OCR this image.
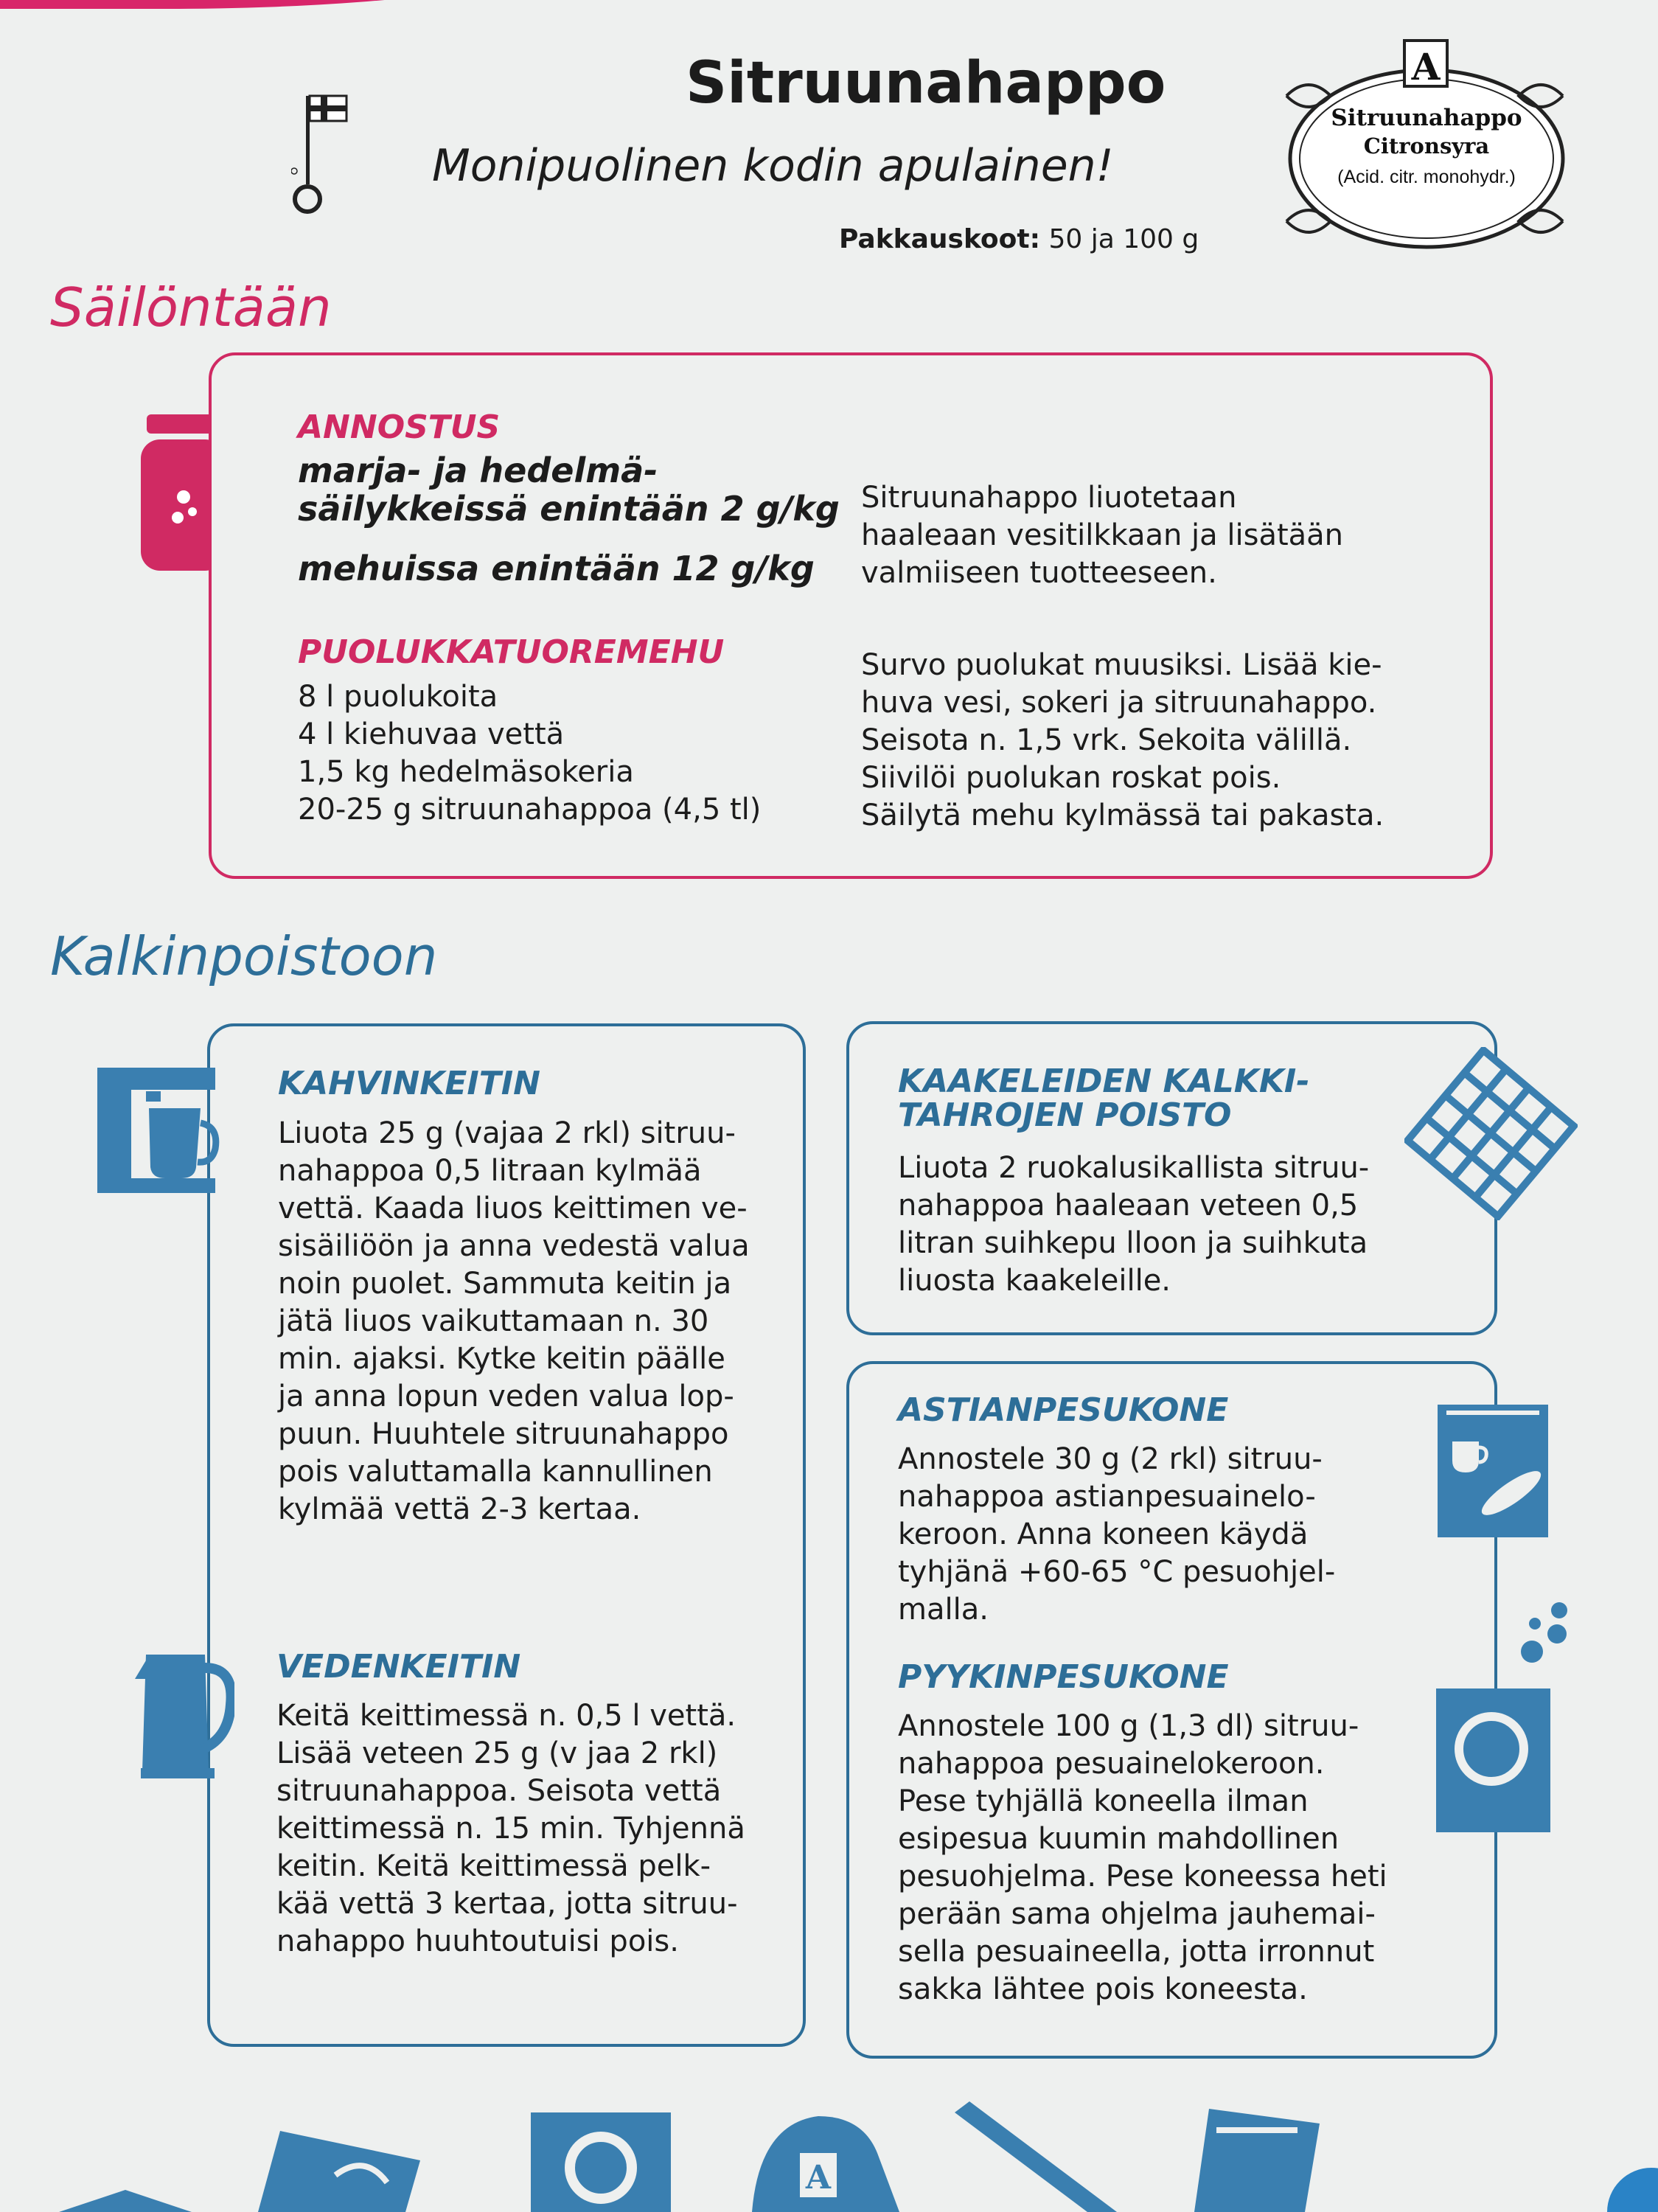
Sitruunahappo
Monipuolinen kodin apulainen!
Pakkauskoot: 50 ja 100 g
A
Sitruunahappo
Citronsyra
(Acid. citr. monohydr.)
Säilöntään
ANNOSTUS
marja- ja hedelmä-
säilykkeissä enintään 2 g/kg
mehuissa enintään 12 g/kg
Sitruunahappo liuotetaan
haaleaan vesitilkkaan ja lisätään
valmiiseen tuotteeseen.
PUOLUKKATUOREMEHU
8 l puolukoita
4 l kiehuvaa vettä
1,5 kg hedelmäsokeria
20-25 g sitruunahappoa (4,5 tl)
Survo puolukat muusiksi. Lisää kie-
huva vesi, sokeri ja sitruunahappo.
Seisota n. 1,5 vrk. Sekoita välillä.
Siivilöi puolukan roskat pois.
Säilytä mehu kylmässä tai pakasta.
Kalkinpoistoon
KAHVINKEITIN
Liuota 25 g (vajaa 2 rkl) sitruu-
nahappoa 0,5 litraan kylmää
vettä. Kaada liuos keittimen ve-
sisäiliöön ja anna vedestä valua
noin puolet. Sammuta keitin ja
jätä liuos vaikuttamaan n. 30
min. ajaksi. Kytke keitin päälle
ja anna lopun veden valua lop-
puun. Huuhtele sitruunahappo
pois valuttamalla kannullinen
kylmää vettä 2-3 kertaa.
VEDENKEITIN
Keitä keittimessä n. 0,5 l vettä.
Lisää veteen 25 g (v jaa 2 rkl)
sitruunahappoa. Seisota vettä
keittimessä n. 15 min. Tyhjennä
keitin. Keitä keittimessä pelk-
kää vettä 3 kertaa, jotta sitruu-
nahappo huuhtoutuisi pois.
KAAKELEIDEN KALKKI-
TAHROJEN POISTO
Liuota 2 ruokalusikallista sitruu-
nahappoa haaleaan veteen 0,5
litran suihkepu lloon ja suihkuta
liuosta kaakeleille.
ASTIANPESUKONE
Annostele 30 g (2 rkl) sitruu-
nahappoa astianpesuainelo-
keroon. Anna koneen käydä
tyhjänä +60-65 °C pesuohjel-
malla.
PYYKINPESUKONE
Annostele 100 g (1,3 dl) sitruu-
nahappoa pesuainelokeroon.
Pese tyhjällä koneella ilman
esipesua kuumin mahdollinen
pesuohjelma. Pese koneessa heti
perään sama ohjelma jauhemai-
sella pesuaineella, jotta irronnut
sakka lähtee pois koneesta.
A
